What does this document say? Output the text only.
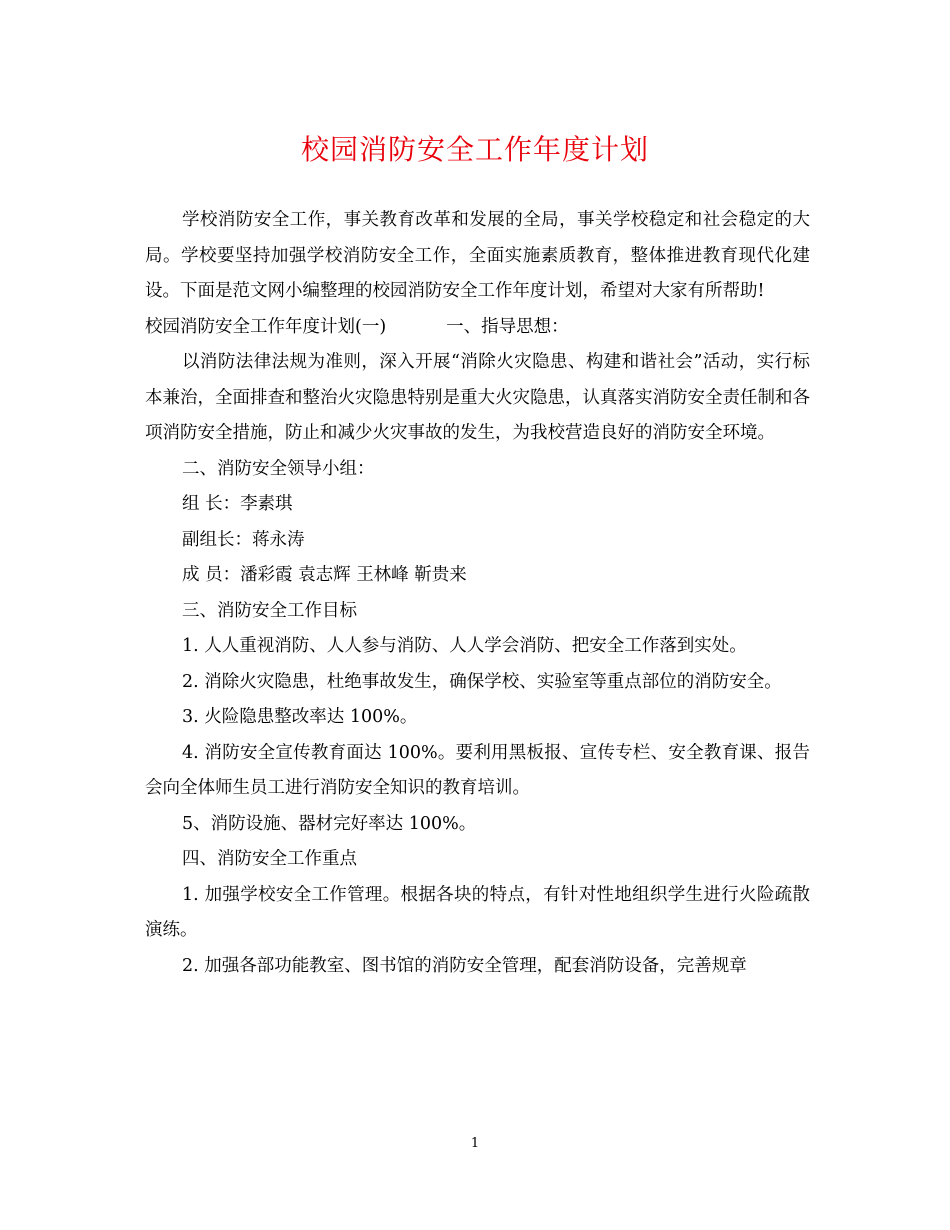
校园消防安全工作年度计划

学校消防安全工作，事关教育改革和发展的全局，事关学校稳定和社会稳定的大局。学校要坚持加强学校消防安全工作，全面实施素质教育，整体推进教育现代化建设。下面是范文网小编整理的校园消防安全工作年度计划，希望对大家有所帮助!

校园消防安全工作年度计划(一)	一、指导思想：

以消防法律法规为准则，深入开展“消除火灾隐患、构建和谐社会”活动，实行标本兼治，全面排查和整治火灾隐患特别是重大火灾隐患，认真落实消防安全责任制和各项消防安全措施，防止和减少火灾事故的发生，为我校营造良好的消防安全环境。

二、消防安全领导小组：

组 长：李素琪

副组长：蒋永涛

成 员：潘彩霞 袁志辉 王林峰 靳贵来

三、消防安全工作目标

1. 人人重视消防、人人参与消防、人人学会消防、把安全工作落到实处。

2. 消除火灾隐患，杜绝事故发生，确保学校、实验室等重点部位的消防安全。

3. 火险隐患整改率达 100%。

4. 消防安全宣传教育面达 100%。要利用黑板报、宣传专栏、安全教育课、报告会向全体师生员工进行消防安全知识的教育培训。

5、消防设施、器材完好率达 100%。

四、消防安全工作重点

1. 加强学校安全工作管理。根据各块的特点，有针对性地组织学生进行火险疏散演练。

2. 加强各部功能教室、图书馆的消防安全管理，配套消防设备，完善规章

1
